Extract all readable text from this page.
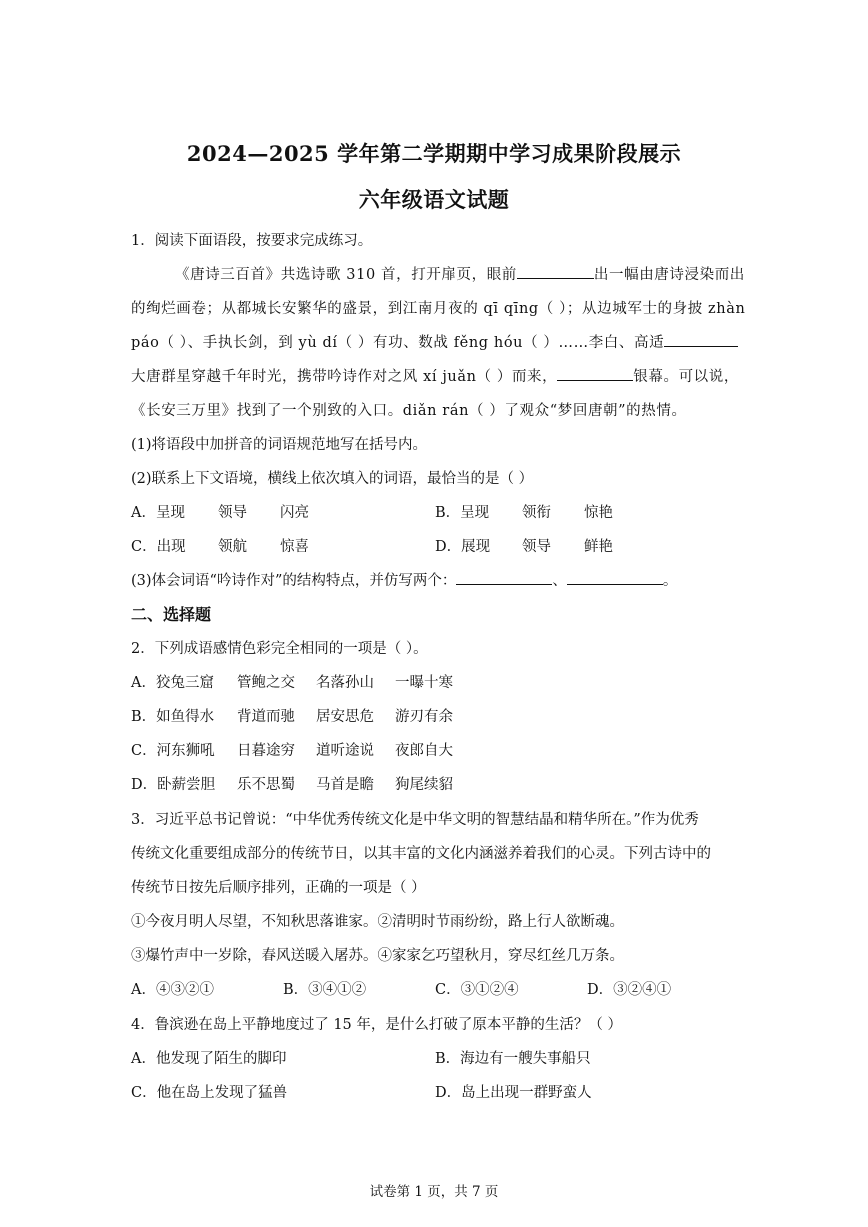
2024—2025 学年第二学期期中学习成果阶段展示
六年级语文试题
1．阅读下面语段，按要求完成练习。
《唐诗三百首》共选诗歌 310 首，打开扉页，眼前	出一幅由唐诗浸染而出
的绚烂画卷；从都城长安繁华的盛景，到江南月夜的 qī qīng（ ）；从边城军士的身披 zhàn
páo（ ）、手执长剑，到 yù dí（ ）有功、数战 fěng hóu（ ）……李白、高适
大唐群星穿越千年时光，携带吟诗作对之风 xí juǎn（ ）而来，	银幕。可以说，
《长安三万里》找到了一个别致的入口。diǎn rán（ ）了观众“梦回唐朝”的热情。
(1)将语段中加拼音的词语规范地写在括号内。
(2)联系上下文语境，横线上依次填入的词语，最恰当的是（ ）
A．呈现 领导 闪亮	B．呈现 领衔 惊艳
C．出现 领航 惊喜	D．展现 领导 鲜艳
(3)体会词语“吟诗作对”的结构特点，并仿写两个：	、	。
二、选择题
2．下列成语感情色彩完全相同的一项是（ ）。
A．狡兔三窟 管鲍之交 名落孙山 一曝十寒
B．如鱼得水 背道而驰 居安思危 游刃有余
C．河东狮吼 日暮途穷 道听途说 夜郎自大
D．卧薪尝胆 乐不思蜀 马首是瞻 狗尾续貂
3．习近平总书记曾说：“中华优秀传统文化是中华文明的智慧结晶和精华所在。”作为优秀
传统文化重要组成部分的传统节日，以其丰富的文化内涵滋养着我们的心灵。下列古诗中的
传统节日按先后顺序排列，正确的一项是（ ）
①今夜月明人尽望，不知秋思落谁家。②清明时节雨纷纷，路上行人欲断魂。
③爆竹声中一岁除，春风送暖入屠苏。④家家乞巧望秋月，穿尽红丝几万条。
A．④③②①	B．③④①②	C．③①②④	D．③②④①
4．鲁滨逊在岛上平静地度过了 15 年，是什么打破了原本平静的生活？（ ）
A．他发现了陌生的脚印	B．海边有一艘失事船只
C．他在岛上发现了猛兽	D．岛上出现一群野蛮人
试卷第 1 页，共 7 页
